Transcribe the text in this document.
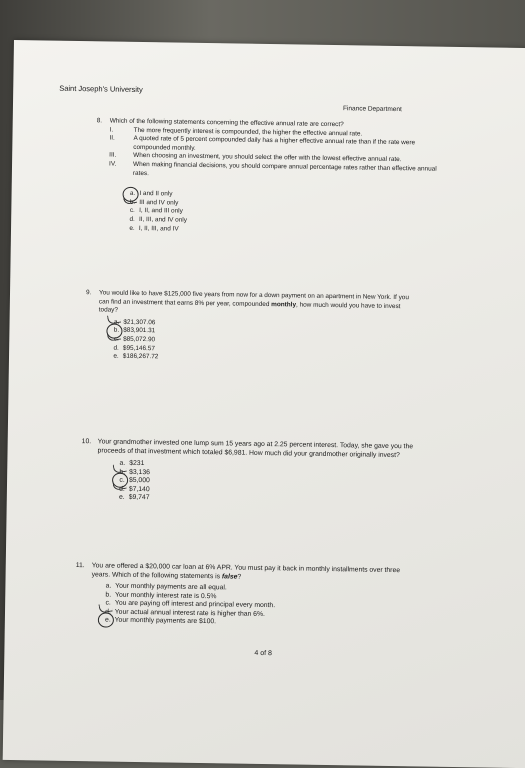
Saint Joseph's University
Finance Department
8. Which of the following statements concerning the effective annual rate are correct?
I.	The more frequently interest is compounded, the higher the effective annual rate.
II.	A quoted rate of 5 percent compounded daily has a higher effective annual rate than if the rate were compounded monthly.
III.	When choosing an investment, you should select the offer with the lowest effective annual rate.
IV.	When making financial decisions, you should compare annual percentage rates rather than effective annual rates.
a. I and II only
b. III and IV only
c. I, II, and III only
d. II, III, and IV only
e. I, II, III, and IV
9. You would like to have $125,000 five years from now for a down payment on an apartment in New York. If you can find an investment that earns 8% per year, compounded monthly, how much would you have to invest today?
a. $21,307.06
b. $83,901.31
c. $85,072.90
d. $95,146.57
e. $186,267.72
10. Your grandmother invested one lump sum 15 years ago at 2.25 percent interest. Today, she gave you the proceeds of that investment which totaled $6,981. How much did your grandmother originally invest?
a. $231
b. $3,136
c. $5,000
d. $7,140
e. $9,747
11. You are offered a $20,000 car loan at 6% APR. You must pay it back in monthly installments over three years. Which of the following statements is false?
a. Your monthly payments are all equal.
b. Your monthly interest rate is 0.5%
c. You are paying off interest and principal every month.
d. Your actual annual interest rate is higher than 6%.
e. Your monthly payments are $100.
4 of 8
